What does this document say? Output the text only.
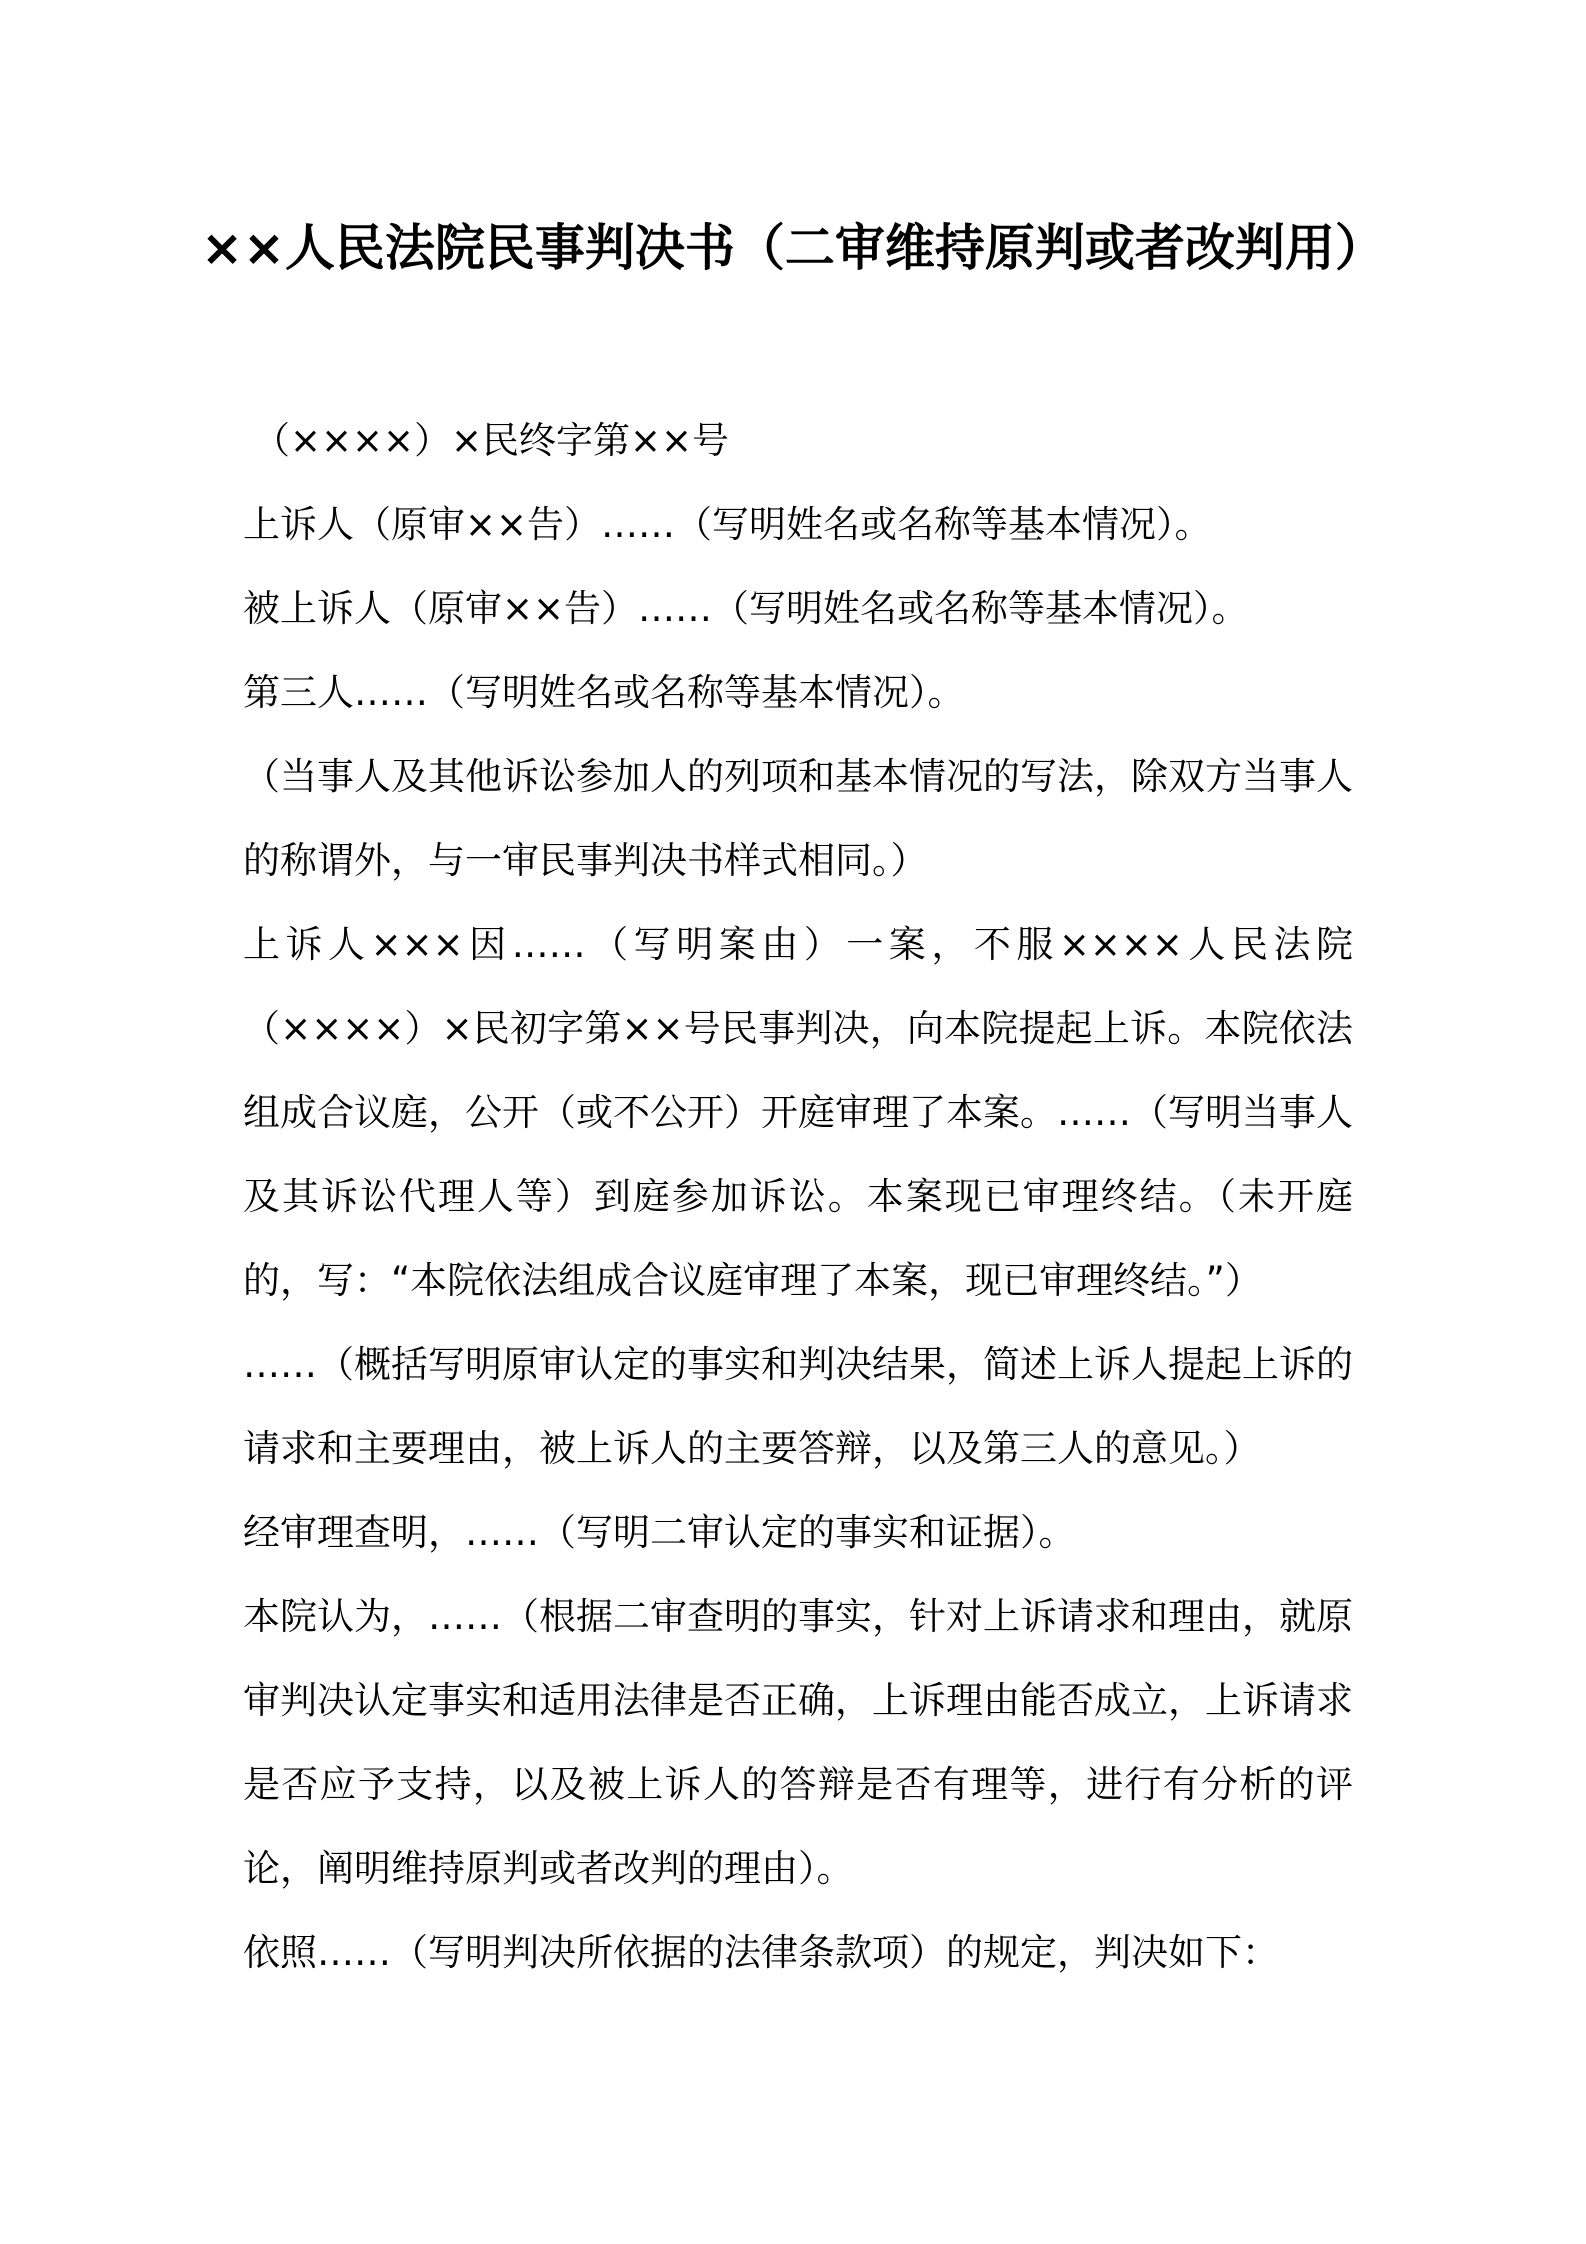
××人民法院民事判决书（二审维持原判或者改判用）

（××××）×民终字第××号

上诉人（原审××告）……（写明姓名或名称等基本情况）。

被上诉人（原审××告）……（写明姓名或名称等基本情况）。

第三人……（写明姓名或名称等基本情况）。

（当事人及其他诉讼参加人的列项和基本情况的写法，除双方当事人的称谓外，与一审民事判决书样式相同。）

上诉人×××因……（写明案由）一案，不服××××人民法院（××××）×民初字第××号民事判决，向本院提起上诉。本院依法组成合议庭，公开（或不公开）开庭审理了本案。……（写明当事人及其诉讼代理人等）到庭参加诉讼。本案现已审理终结。（未开庭的，写：“本院依法组成合议庭审理了本案，现已审理终结。”）

……（概括写明原审认定的事实和判决结果，简述上诉人提起上诉的请求和主要理由，被上诉人的主要答辩，以及第三人的意见。）

经审理查明，……（写明二审认定的事实和证据）。

本院认为，……（根据二审查明的事实，针对上诉请求和理由，就原审判决认定事实和适用法律是否正确，上诉理由能否成立，上诉请求是否应予支持，以及被上诉人的答辩是否有理等，进行有分析的评论，阐明维持原判或者改判的理由）。

依照……（写明判决所依据的法律条款项）的规定，判决如下：
